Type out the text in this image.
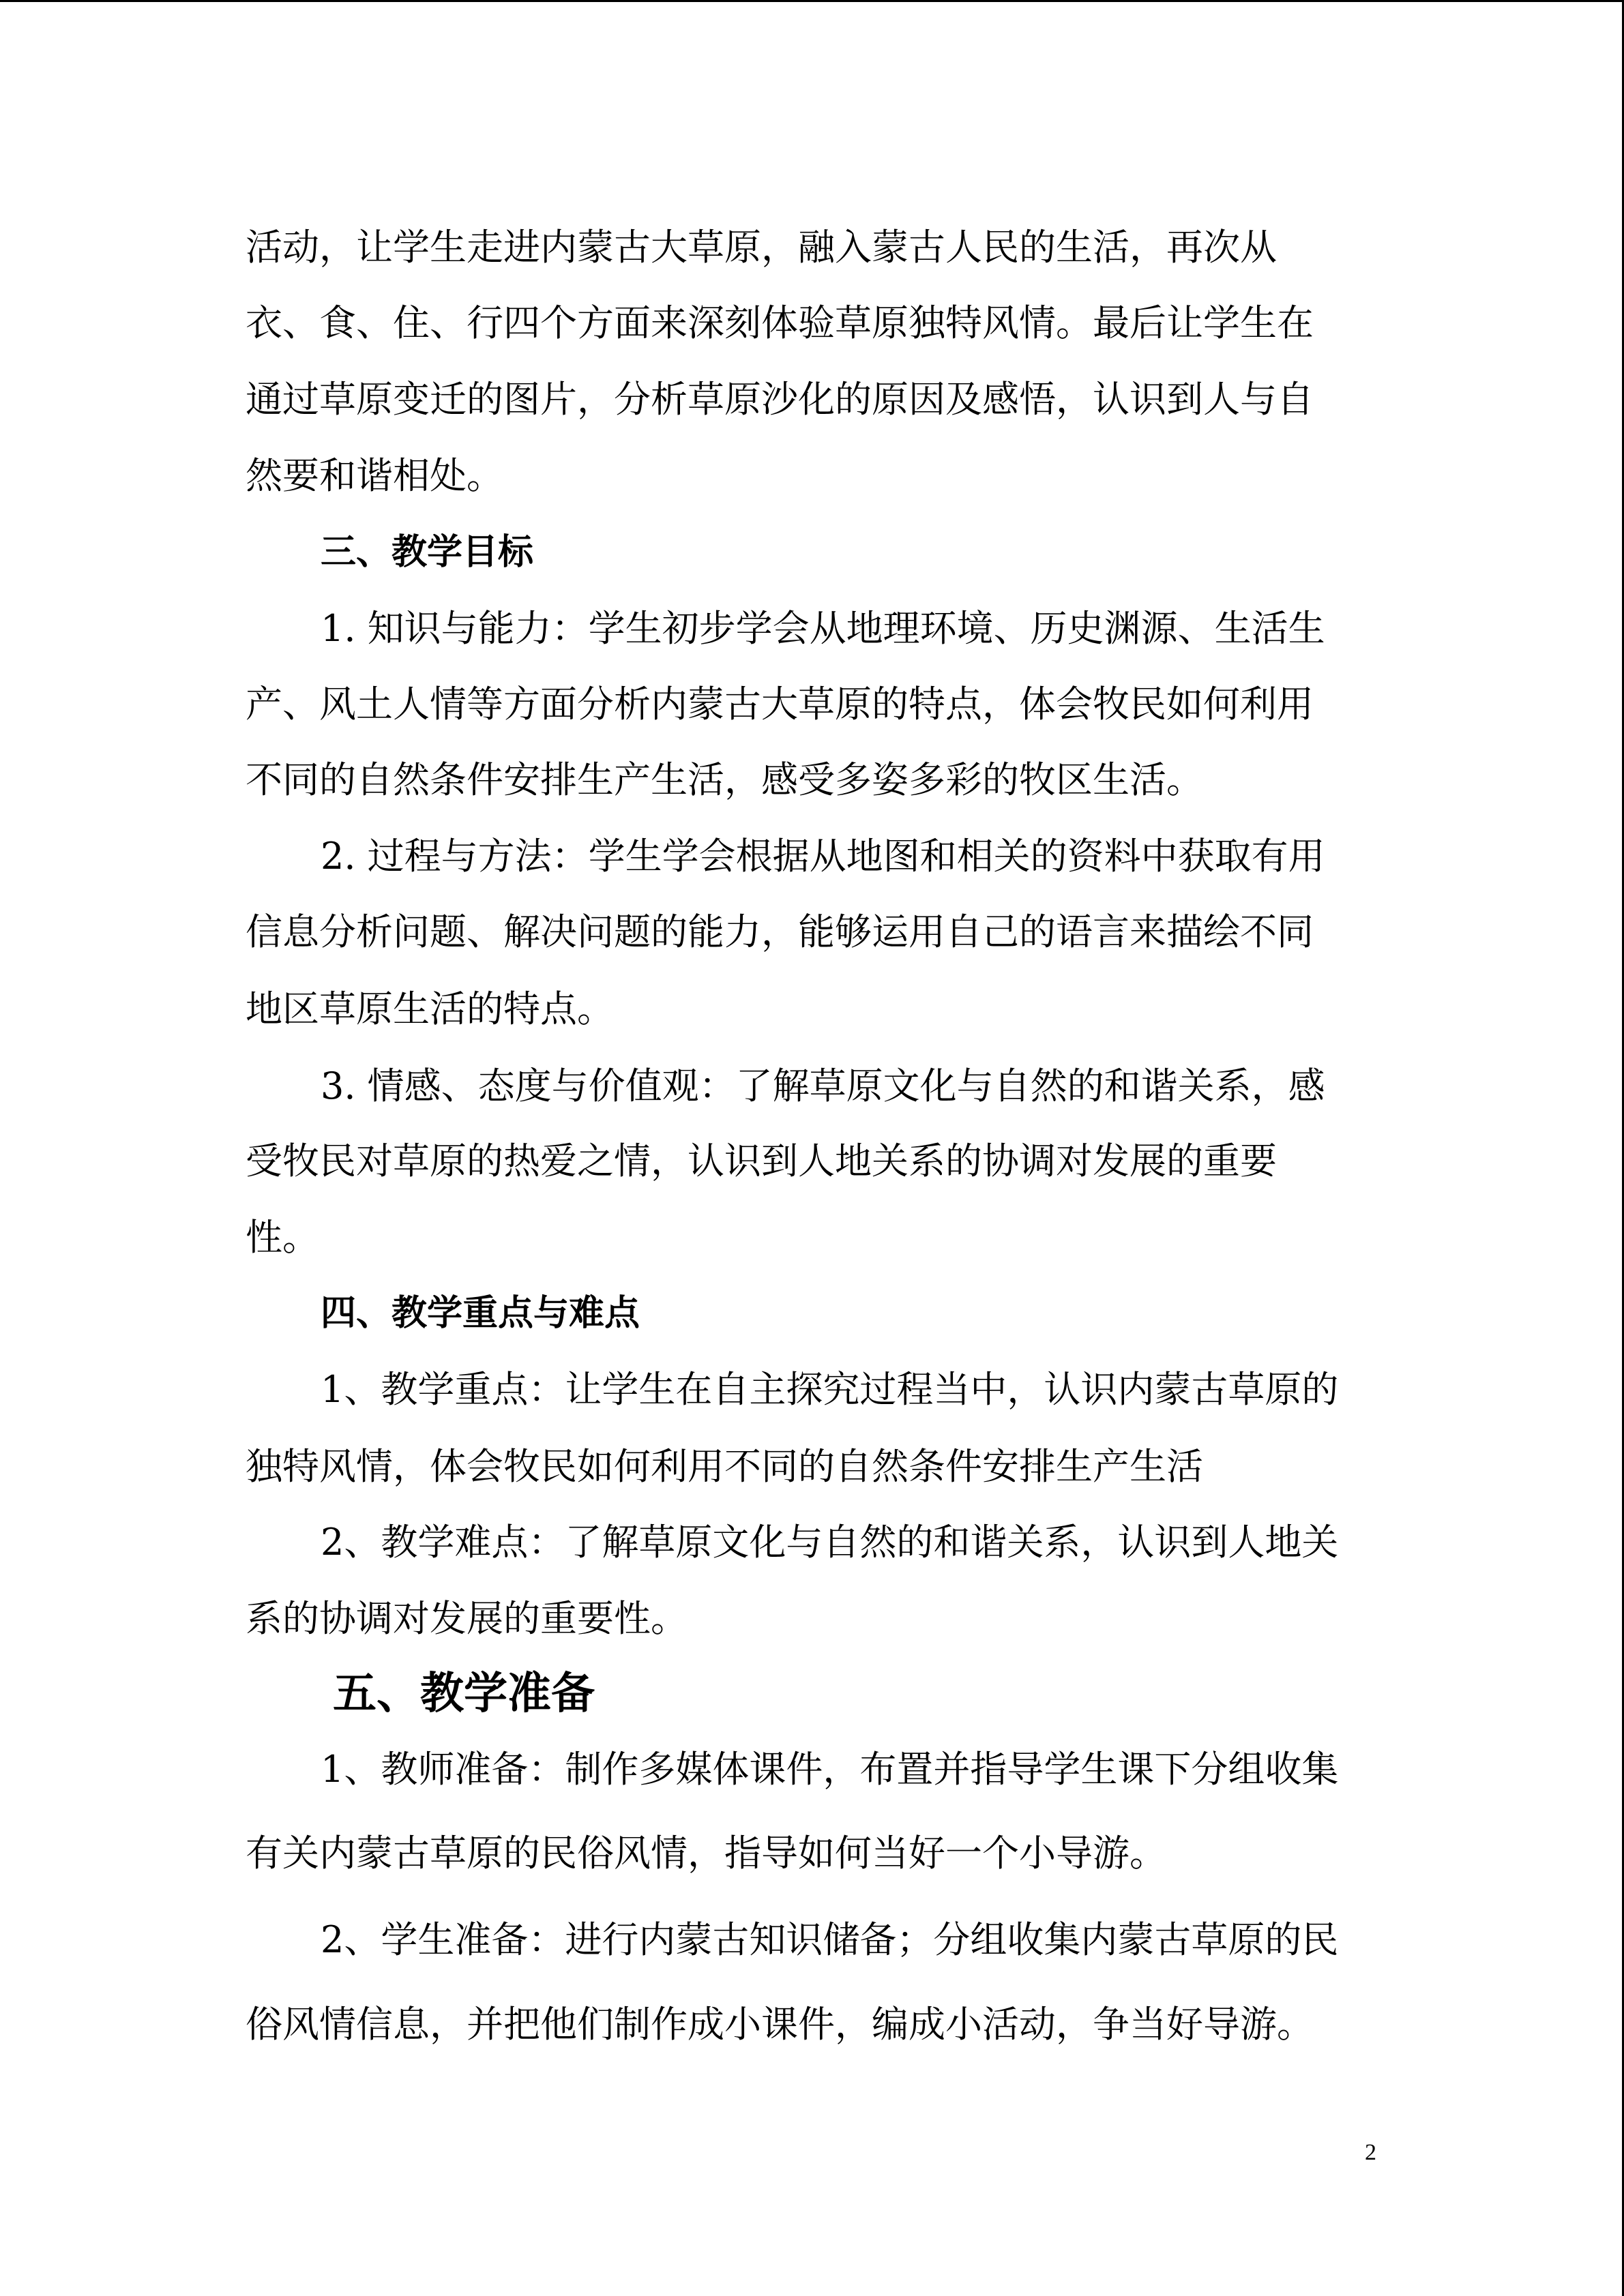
活动，让学生走进内蒙古大草原，融入蒙古人民的生活，再次从
衣、食、住、行四个方面来深刻体验草原独特风情。最后让学生在
通过草原变迁的图片，分析草原沙化的原因及感悟，认识到人与自
然要和谐相处。
三、教学目标
1. 知识与能力：学生初步学会从地理环境、历史渊源、生活生
产、风土人情等方面分析内蒙古大草原的特点，体会牧民如何利用
不同的自然条件安排生产生活，感受多姿多彩的牧区生活。
2. 过程与方法：学生学会根据从地图和相关的资料中获取有用
信息分析问题、解决问题的能力，能够运用自己的语言来描绘不同
地区草原生活的特点。
3. 情感、态度与价值观：了解草原文化与自然的和谐关系，感
受牧民对草原的热爱之情，认识到人地关系的协调对发展的重要
性。
四、教学重点与难点
1、教学重点：让学生在自主探究过程当中，认识内蒙古草原的
独特风情，体会牧民如何利用不同的自然条件安排生产生活
2、教学难点：了解草原文化与自然的和谐关系，认识到人地关
系的协调对发展的重要性。
五、教学准备
1、教师准备：制作多媒体课件，布置并指导学生课下分组收集
有关内蒙古草原的民俗风情，指导如何当好一个小导游。
2、学生准备：进行内蒙古知识储备；分组收集内蒙古草原的民
俗风情信息，并把他们制作成小课件，编成小活动，争当好导游。
2
